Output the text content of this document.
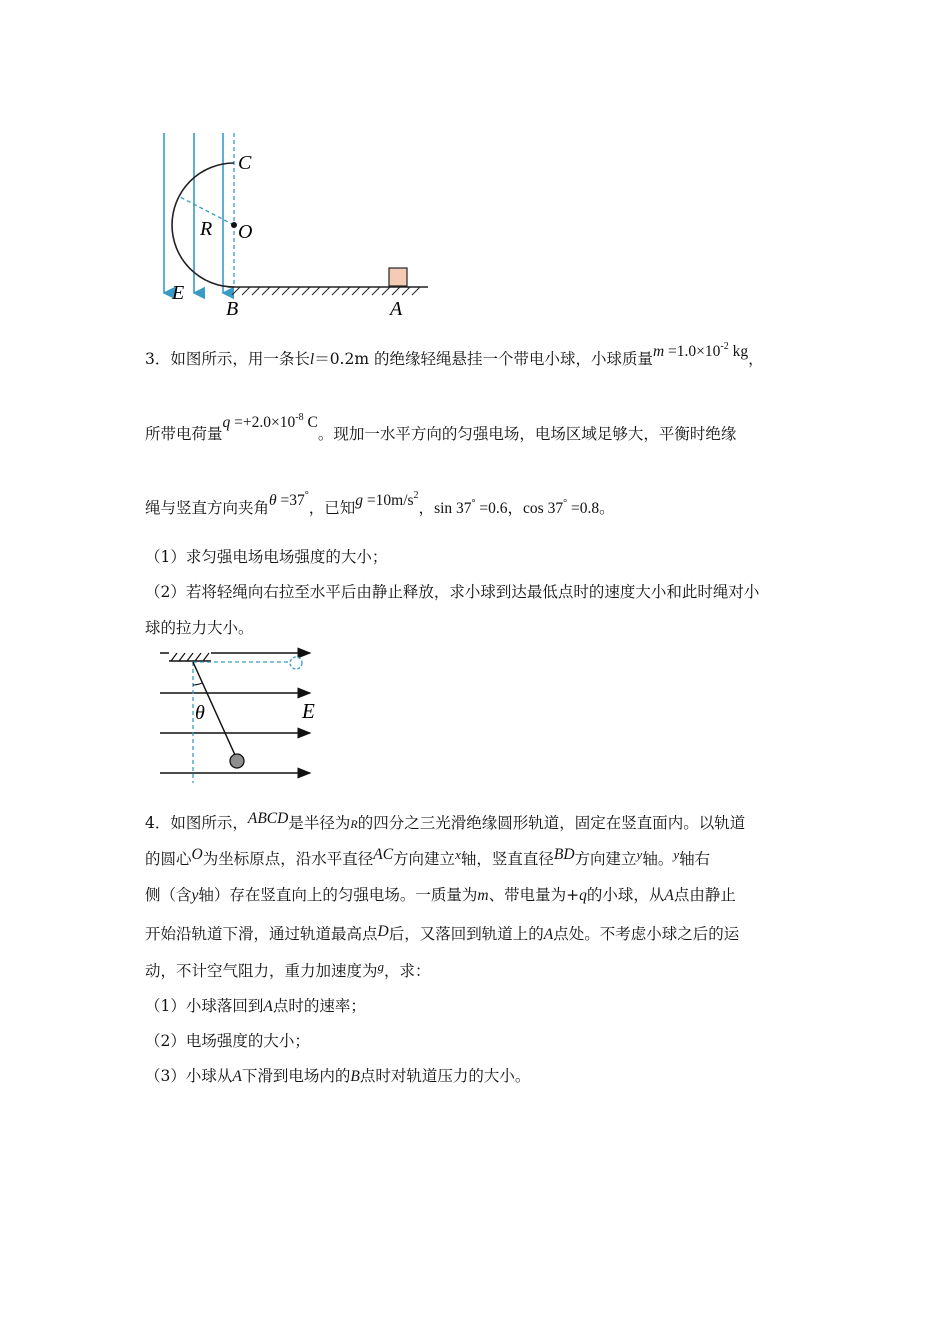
C
O
R
E
B	A
3．如图所示，用一条长l＝0.2m 的绝缘轻绳悬挂一个带电小球，小球质量$m =1.0\times 10^{-2}$ kg，
所带电荷量$q =+2.0\times 10^{-8}$ C。现加一水平方向的匀强电场，电场区域足够大，平衡时绝缘
绳与竖直方向夹角θ =37°，已知$g =10m/s^2$，sin 37° =0.6，cos 37° =0.8。
（1）求匀强电场电场强度的大小；
（2）若将轻绳向右拉至水平后由静止释放，求小球到达最低点时的速度大小和此时绳对小
球的拉力大小。
θ	E
4．如图所示，ABCD是半径为R的四分之三光滑绝缘圆形轨道，固定在竖直面内。以轨道
的圆心O为坐标原点，沿水平直径AC方向建立$^x$轴，竖直直径BD方向建立$^y$轴。$^y$轴右
侧（含y轴）存在竖直向上的匀强电场。一质量为m、带电量为+q的小球，从A点由静止
开始沿轨道下滑，通过轨道最高点D后，又落回到轨道上的A点处。不考虑小球之后的运
动，不计空气阻力，重力加速度为$^g$，求：
（1）小球落回到A点时的速率；
（2）电场强度的大小；
（3）小球从A下滑到电场内的B点时对轨道压力的大小。
